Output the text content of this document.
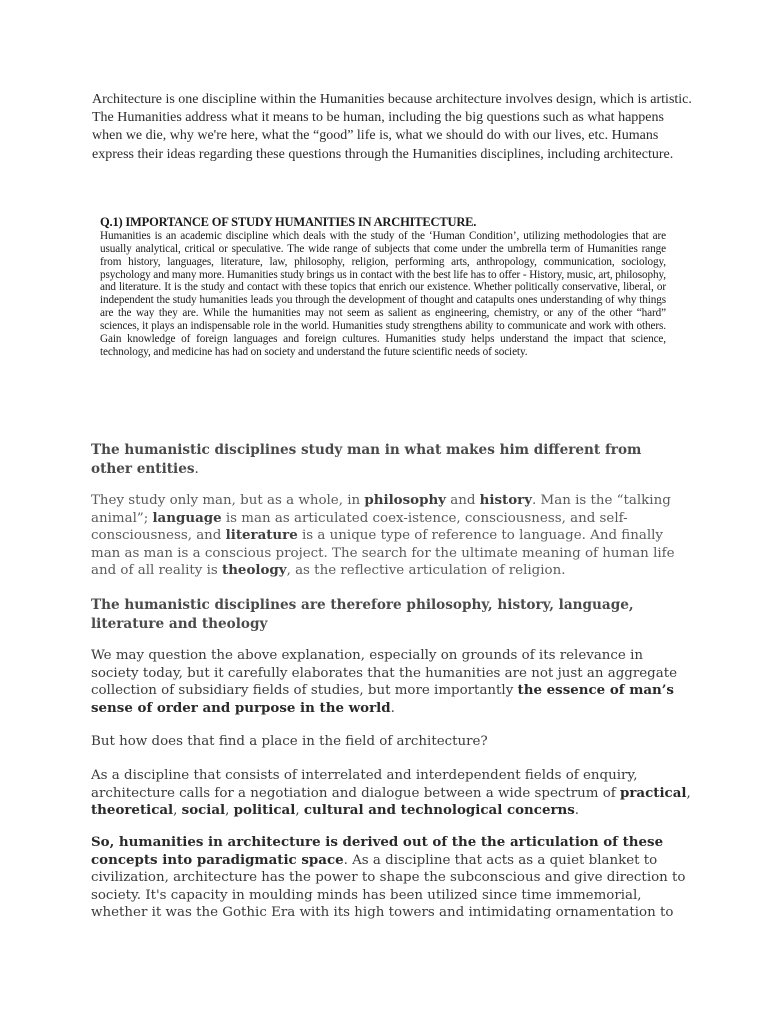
Architecture is one discipline within the Humanities because architecture involves design, which is artistic. The Humanities address what it means to be human, including the big questions such as what happens when we die, why we're here, what the “good” life is, what we should do with our lives, etc. Humans express their ideas regarding these questions through the Humanities disciplines, including architecture.

Q.1) IMPORTANCE OF STUDY HUMANITIES IN ARCHITECTURE.

Humanities is an academic discipline which deals with the study of the ‘Human Condition’, utilizing methodologies that are usually analytical, critical or speculative. The wide range of subjects that come under the umbrella term of Humanities range from history, languages, literature, law, philosophy, religion, performing arts, anthropology, communication, sociology, psychology and many more. Humanities study brings us in contact with the best life has to offer - History, music, art, philosophy, and literature. It is the study and contact with these topics that enrich our existence. Whether politically conservative, liberal, or independent the study humanities leads you through the development of thought and catapults ones understanding of why things are the way they are. While the humanities may not seem as salient as engineering, chemistry, or any of the other “hard” sciences, it plays an indispensable role in the world. Humanities study strengthens ability to communicate and work with others. Gain knowledge of foreign languages and foreign cultures. Humanities study helps understand the impact that science, technology, and medicine has had on society and understand the future scientific needs of society.

The humanistic disciplines study man in what makes him different from other entities.

They study only man, but as a whole, in philosophy and history. Man is the “talking animal”; language is man as articulated coex-istence, consciousness, and self-consciousness, and literature is a unique type of reference to language. And finally man as man is a conscious project. The search for the ultimate meaning of human life and of all reality is theology, as the reflective articulation of religion.

The humanistic disciplines are therefore philosophy, history, language, literature and theology

We may question the above explanation, especially on grounds of its relevance in society today, but it carefully elaborates that the humanities are not just an aggregate collection of subsidiary fields of studies, but more importantly the essence of man’s sense of order and purpose in the world.

But how does that find a place in the field of architecture?

As a discipline that consists of interrelated and interdependent fields of enquiry, architecture calls for a negotiation and dialogue between a wide spectrum of practical, theoretical, social, political, cultural and technological concerns.

So, humanities in architecture is derived out of the the articulation of these concepts into paradigmatic space. As a discipline that acts as a quiet blanket to civilization, architecture has the power to shape the subconscious and give direction to society. It's capacity in moulding minds has been utilized since time immemorial, whether it was the Gothic Era with its high towers and intimidating ornamentation to
